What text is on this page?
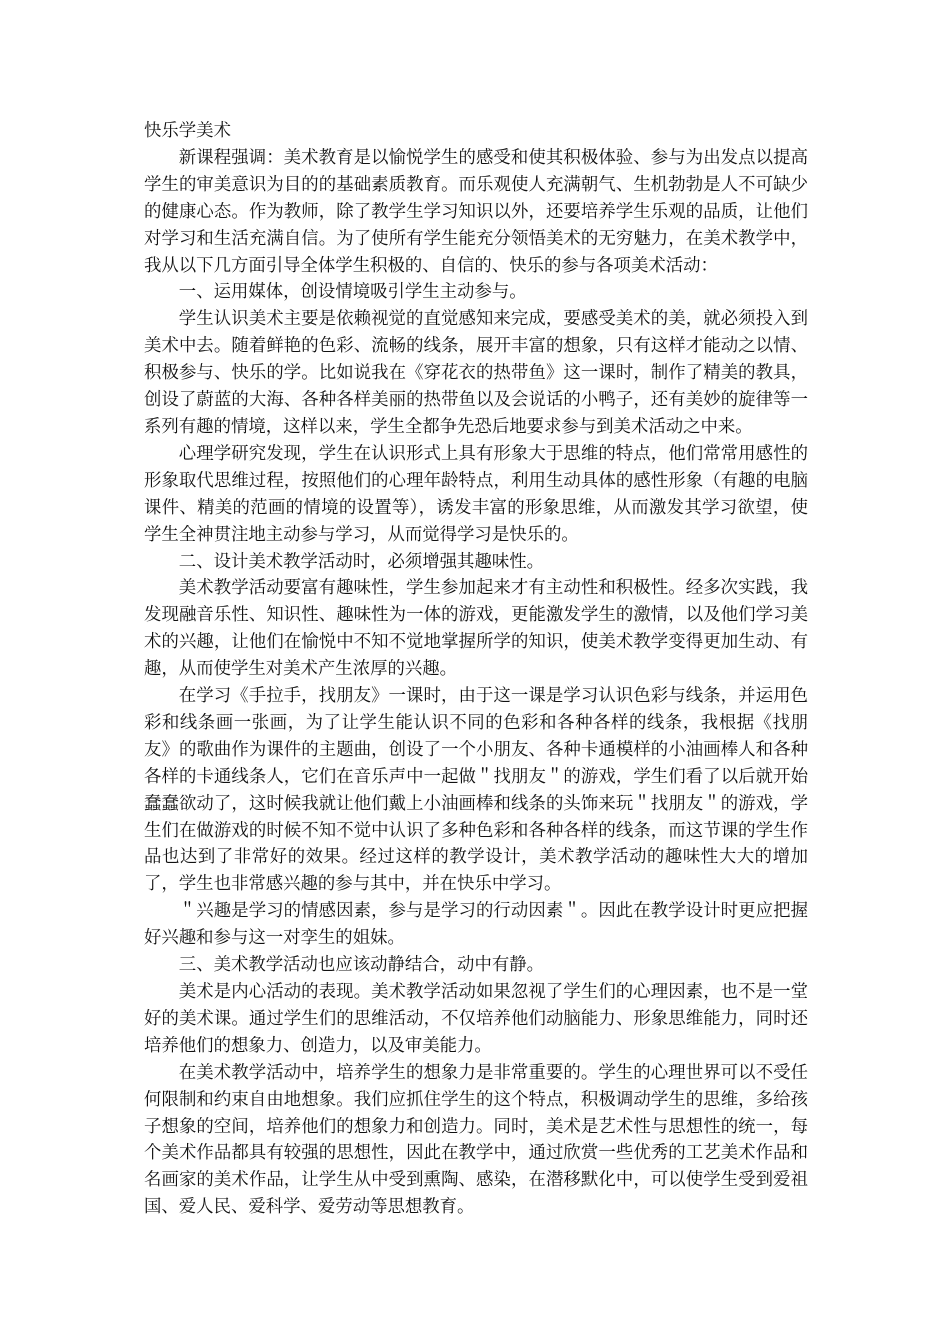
快乐学美术

新课程强调：美术教育是以愉悦学生的感受和使其积极体验、参与为出发点以提高学生的审美意识为目的的基础素质教育。而乐观使人充满朝气、生机勃勃是人不可缺少的健康心态。作为教师，除了教学生学习知识以外，还要培养学生乐观的品质，让他们对学习和生活充满自信。为了使所有学生能充分领悟美术的无穷魅力，在美术教学中，我从以下几方面引导全体学生积极的、自信的、快乐的参与各项美术活动：

一、运用媒体，创设情境吸引学生主动参与。

学生认识美术主要是依赖视觉的直觉感知来完成，要感受美术的美，就必须投入到美术中去。随着鲜艳的色彩、流畅的线条，展开丰富的想象，只有这样才能动之以情、积极参与、快乐的学。比如说我在《穿花衣的热带鱼》这一课时，制作了精美的教具，创设了蔚蓝的大海、各种各样美丽的热带鱼以及会说话的小鸭子，还有美妙的旋律等一系列有趣的情境，这样以来，学生全都争先恐后地要求参与到美术活动之中来。

心理学研究发现，学生在认识形式上具有形象大于思维的特点，他们常常用感性的形象取代思维过程，按照他们的心理年龄特点，利用生动具体的感性形象（有趣的电脑课件、精美的范画的情境的设置等），诱发丰富的形象思维，从而激发其学习欲望，使学生全神贯注地主动参与学习，从而觉得学习是快乐的。

二、设计美术教学活动时，必须增强其趣味性。

美术教学活动要富有趣味性，学生参加起来才有主动性和积极性。经多次实践，我发现融音乐性、知识性、趣味性为一体的游戏，更能激发学生的激情，以及他们学习美术的兴趣，让他们在愉悦中不知不觉地掌握所学的知识，使美术教学变得更加生动、有趣，从而使学生对美术产生浓厚的兴趣。

在学习《手拉手，找朋友》一课时，由于这一课是学习认识色彩与线条，并运用色彩和线条画一张画，为了让学生能认识不同的色彩和各种各样的线条，我根据《找朋友》的歌曲作为课件的主题曲，创设了一个小朋友、各种卡通模样的小油画棒人和各种各样的卡通线条人，它们在音乐声中一起做＂找朋友＂的游戏，学生们看了以后就开始蠢蠢欲动了，这时候我就让他们戴上小油画棒和线条的头饰来玩＂找朋友＂的游戏，学生们在做游戏的时候不知不觉中认识了多种色彩和各种各样的线条，而这节课的学生作品也达到了非常好的效果。经过这样的教学设计，美术教学活动的趣味性大大的增加了，学生也非常感兴趣的参与其中，并在快乐中学习。

＂兴趣是学习的情感因素，参与是学习的行动因素＂。因此在教学设计时更应把握好兴趣和参与这一对孪生的姐妹。

三、美术教学活动也应该动静结合，动中有静。

美术是内心活动的表现。美术教学活动如果忽视了学生们的心理因素，也不是一堂好的美术课。通过学生们的思维活动，不仅培养他们动脑能力、形象思维能力，同时还培养他们的想象力、创造力，以及审美能力。

在美术教学活动中，培养学生的想象力是非常重要的。学生的心理世界可以不受任何限制和约束自由地想象。我们应抓住学生的这个特点，积极调动学生的思维，多给孩子想象的空间，培养他们的想象力和创造力。同时，美术是艺术性与思想性的统一，每个美术作品都具有较强的思想性，因此在教学中，通过欣赏一些优秀的工艺美术作品和名画家的美术作品，让学生从中受到熏陶、感染，在潜移默化中，可以使学生受到爱祖国、爱人民、爱科学、爱劳动等思想教育。
